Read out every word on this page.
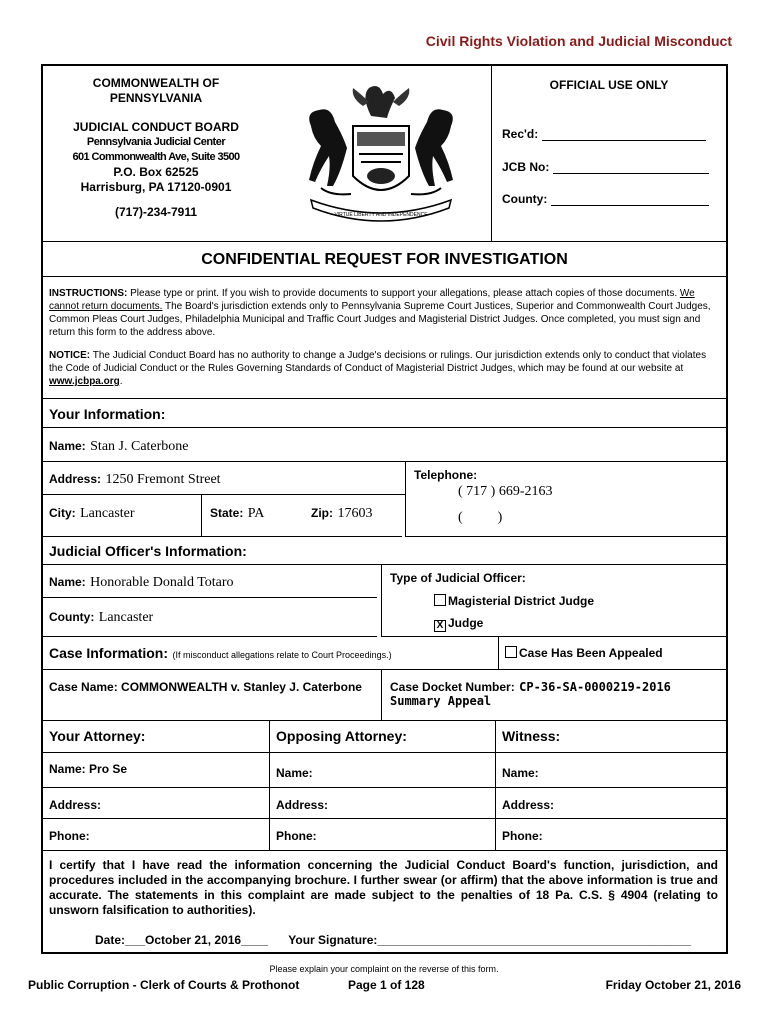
Civil Rights Violation and Judicial Misconduct
COMMONWEALTH OF
PENNSYLVANIA
JUDICIAL CONDUCT BOARD
Pennsylvania Judicial Center
601 Commonwealth Ave, Suite 3500
P.O. Box 62525
Harrisburg, PA 17120-0901
(717)-234-7911	VIRTUE LIBERTY AND INDEPENDENCE
OFFICIAL USE ONLY
Rec'd:
JCB No:
County:
CONFIDENTIAL REQUEST FOR INVESTIGATION
INSTRUCTIONS: Please type or print. If you wish to provide documents to support your allegations, please attach copies of those documents. We cannot return documents. The Board's jurisdiction extends only to Pennsylvania Supreme Court Justices, Superior and Commonwealth Court Judges, Common Pleas Court Judges, Philadelphia Municipal and Traffic Court Judges and Magisterial District Judges. Once completed, you must sign and return this form to the address above.
NOTICE: The Judicial Conduct Board has no authority to change a Judge's decisions or rulings. Our jurisdiction extends only to conduct that violates the Code of Judicial Conduct or the Rules Governing Standards of Conduct of Magisterial District Judges, which may be found at our website at www.jcbpa.org.
Your Information:
Name: Stan J. Caterbone
Address: 1250 Fremont Street	Telephone:
( 717 ) 669-2163
(          )
City: Lancaster	State: PA	Zip: 17603
Judicial Officer's Information:
Name: Honorable Donald Totaro
County: Lancaster
Type of Judicial Officer:
Magisterial District Judge
X Judge
Case Information: (If misconduct allegations relate to Court Proceedings.)	Case Has Been Appealed
Case Name: COMMONWEALTH v. Stanley J. Caterbone	Case Docket Number: CP-36-SA-0000219-2016
Summary Appeal
Your Attorney:	Opposing Attorney:	Witness:
Name: Pro Se	Name:	Name:
Address:	Address:	Address:
Phone:	Phone:	Phone:
I certify that I have read the information concerning the Judicial Conduct Board's function, jurisdiction, and procedures included in the accompanying brochure. I further swear (or affirm) that the above information is true and accurate. The statements in this complaint are made subject to the penalties of 18 Pa. C.S. § 4904 (relating to unsworn falsification to authorities).
Date:___October 21, 2016____ Your Signature:_______________________________________________
Please explain your complaint on the reverse of this form.
Public Corruption - Clerk of Courts & Prothonot	Page 1 of 128	Friday October 21, 2016
